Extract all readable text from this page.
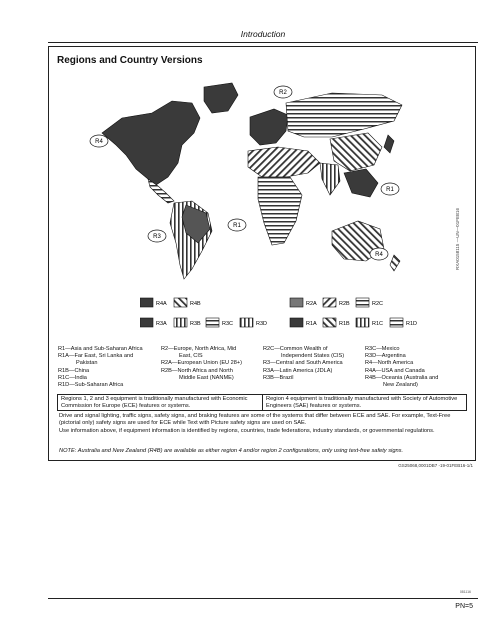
Introduction
Regions and Country Versions
R4
R2
R1
R1
R3
R4	RXA0158115 —UN—01FEB16
R4A	R4B	R2A	R2B	R2C
R3A	R3B	R3C	R3D	R1A	R1B	R1C	R1D
R1—Asia and Sub-Saharan Africa
R1A—Far East, Sri Lanka and
Pakistan
R1B—China
R1C—India
R1D—Sub-Saharan Africa
R2—Europe, North Africa, Mid
East, CIS
R2A—European Union (EU 28+)
R2B—North Africa and North
Middle East (NANME)
R2C—Common Wealth of
Independent States (CIS)
R3—Central and South America
R3A—Latin America (JDLA)
R3B—Brazil
R3C—Mexico
R3D—Argentina
R4—North America
R4A—USA and Canada
R4B—Oceania (Australia and
New Zealand)
Regions 1, 2 and 3 equipment is traditionally manufactured with Economic Commission for Europe (ECE) features or systems.
Region 4 equipment is traditionally manufactured with Society of Automotive Engineers (SAE) features or systems.
Drive and signal lighting, traffic signs, safety signs, and braking features are some of the systems that differ between ECE and SAE. For example, Text-Free (pictorial only) safety signs are used for ECE while Text with Picture safety signs are used on SAE.
Use information above, if equipment information is identified by regions, countries, trade federations, industry standards, or governmental regulations.
NOTE: Australia and New Zealand (R4B) are available as either region 4 and/or region 2 configurations, only using text-free safety signs.
GS25068,0001DB7 -19-01FEB16-1/1
081116
PN=5
